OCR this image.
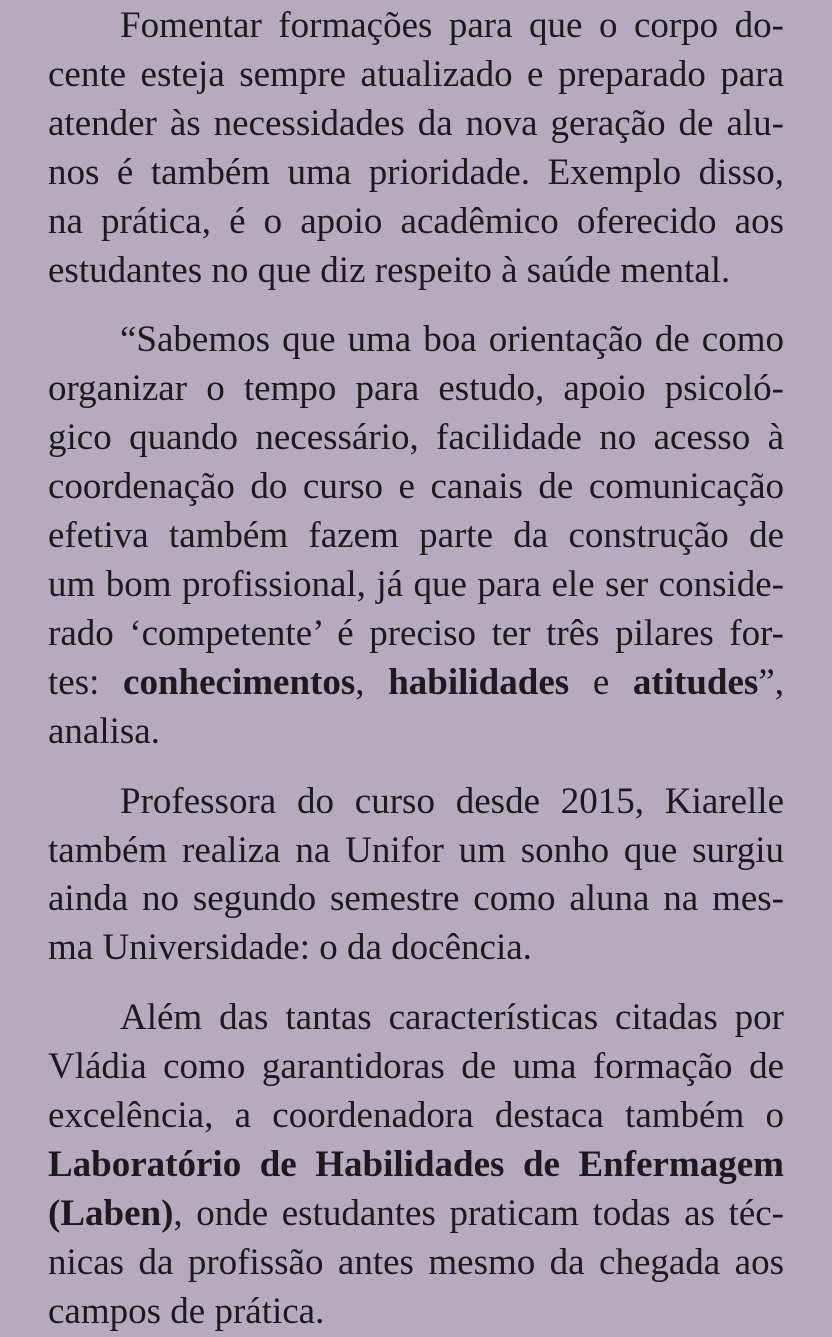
Fomentar formações para que o corpo do-
cente esteja sempre atualizado e preparado para
atender às necessidades da nova geração de alu-
nos é também uma prioridade. Exemplo disso,
na prática, é o apoio acadêmico oferecido aos
estudantes no que diz respeito à saúde mental.
“Sabemos que uma boa orientação de como
organizar o tempo para estudo, apoio psicoló-
gico quando necessário, facilidade no acesso à
coordenação do curso e canais de comunicação
efetiva também fazem parte da construção de
um bom profissional, já que para ele ser conside-
rado ‘competente’ é preciso ter três pilares for-
tes: conhecimentos, habilidades e atitudes”,
analisa.
Professora do curso desde 2015, Kiarelle
também realiza na Unifor um sonho que surgiu
ainda no segundo semestre como aluna na mes-
ma Universidade: o da docência.
Além das tantas características citadas por
Vládia como garantidoras de uma formação de
excelência, a coordenadora destaca também o
Laboratório de Habilidades de Enfermagem
(Laben), onde estudantes praticam todas as téc-
nicas da profissão antes mesmo da chegada aos
campos de prática.
